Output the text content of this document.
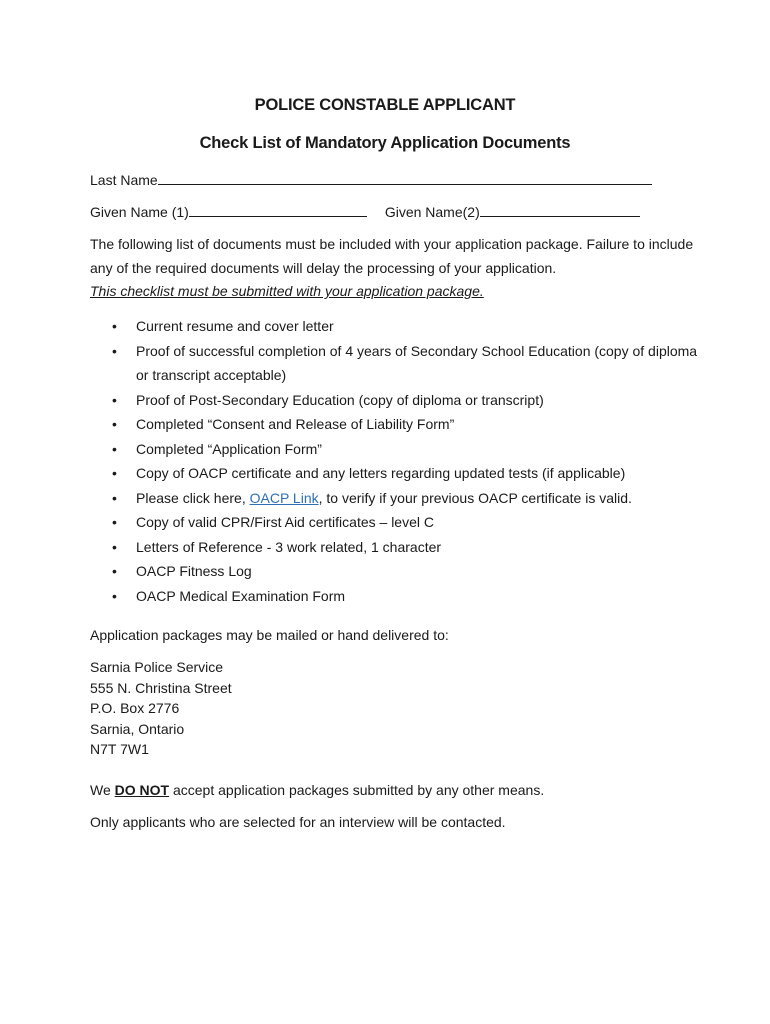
POLICE CONSTABLE APPLICANT
Check List of Mandatory Application Documents
Last Name
Given Name (1)	Given Name(2)
The following list of documents must be included with your application package. Failure to include any of the required documents will delay the processing of your application.
This checklist must be submitted with your application package.
• Current resume and cover letter
• Proof of successful completion of 4 years of Secondary School Education (copy of diploma or transcript acceptable)
• Proof of Post-Secondary Education (copy of diploma or transcript)
• Completed “Consent and Release of Liability Form”
• Completed “Application Form”
• Copy of OACP certificate and any letters regarding updated tests (if applicable)
• Please click here, OACP Link, to verify if your previous OACP certificate is valid.
• Copy of valid CPR/First Aid certificates – level C
• Letters of Reference - 3 work related, 1 character
• OACP Fitness Log
• OACP Medical Examination Form
Application packages may be mailed or hand delivered to:
Sarnia Police Service
555 N. Christina Street
P.O. Box 2776
Sarnia, Ontario
N7T 7W1
We DO NOT accept application packages submitted by any other means.
Only applicants who are selected for an interview will be contacted.
